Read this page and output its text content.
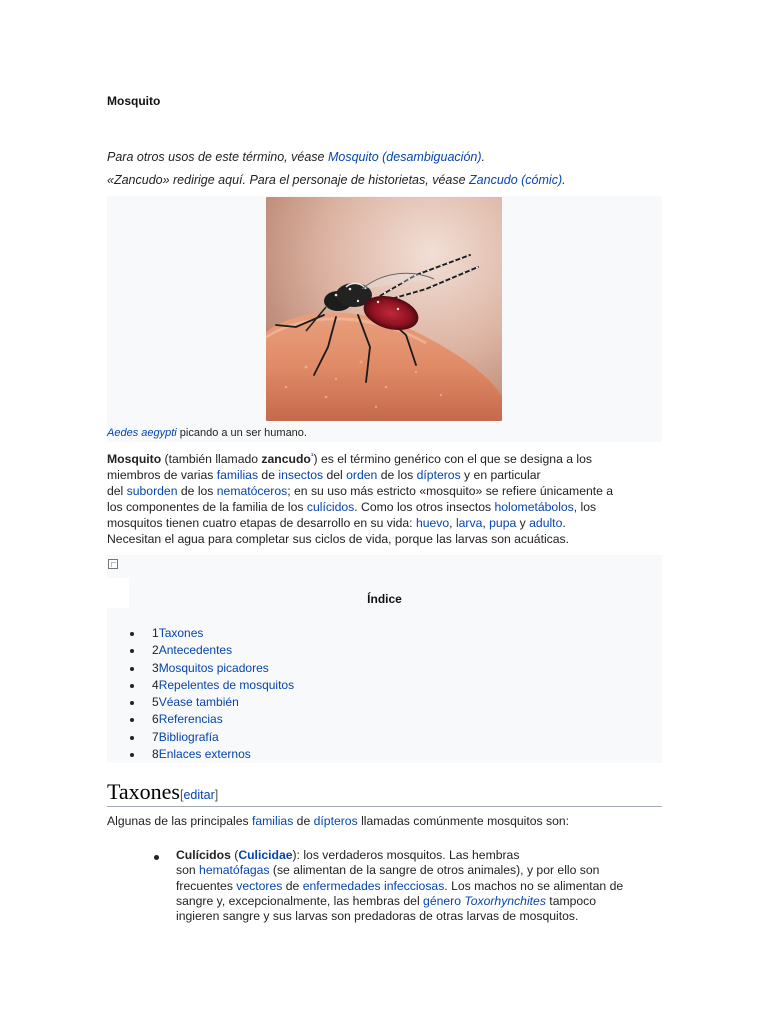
Mosquito
Para otros usos de este término, véase Mosquito (desambiguación).
«Zancudo» redirige aquí. Para el personaje de historietas, véase Zancudo (cómic).
Aedes aegypti picando a un ser humano.
Mosquito (también llamado zancudo$^{^1}$) es el término genérico con el que se designa a los
miembros de varias familias de insectos del orden de los dípteros y en particular
del suborden de los nematóceros; en su uso más estricto «mosquito» se refiere únicamente a
los componentes de la familia de los culícidos. Como los otros insectos holometábolos, los
mosquitos tienen cuatro etapas de desarrollo en su vida: huevo, larva, pupa y adulto.
Necesitan el agua para completar sus ciclos de vida, porque las larvas son acuáticas.
Índice
1Taxones
2Antecedentes
3Mosquitos picadores
4Repelentes de mosquitos
5Véase también
6Referencias
7Bibliografía
8Enlaces externos
Taxones[editar]
Algunas de las principales familias de dípteros llamadas comúnmente mosquitos son:
Culícidos (Culicidae): los verdaderos mosquitos. Las hembras
son hematófagas (se alimentan de la sangre de otros animales), y por ello son
frecuentes vectores de enfermedades infecciosas. Los machos no se alimentan de
sangre y, excepcionalmente, las hembras del género Toxorhynchites tampoco
ingieren sangre y sus larvas son predadoras de otras larvas de mosquitos.
